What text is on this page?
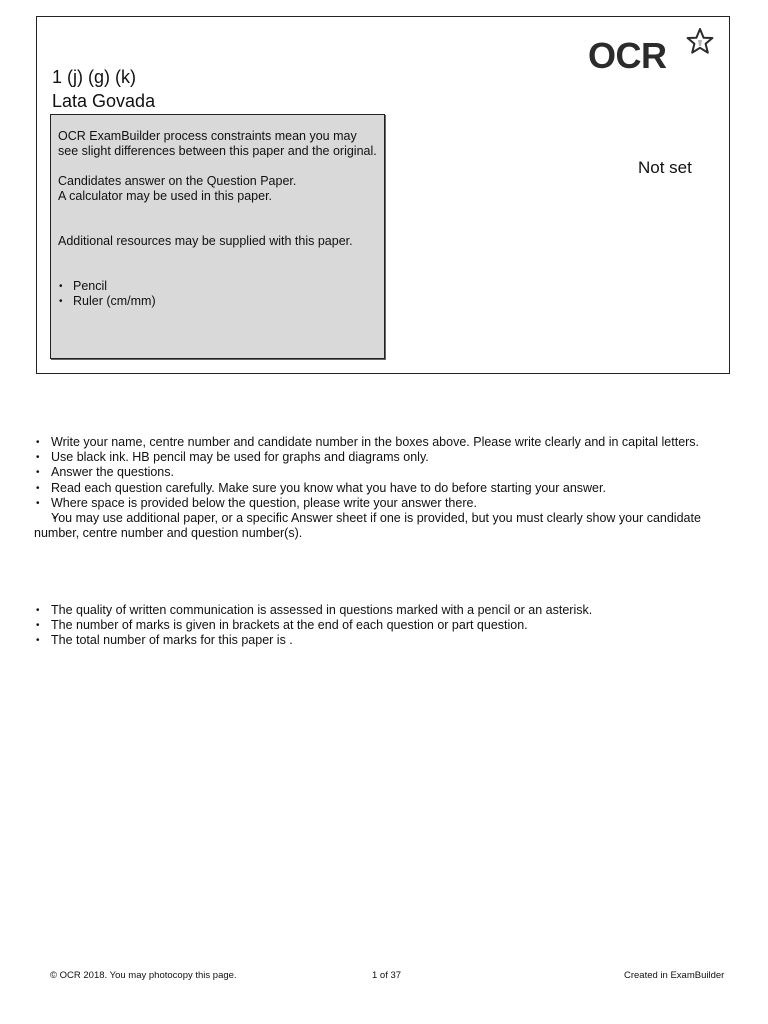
1 (j) (g) (k)
Lata Govada

OCR ExamBuilder process constraints mean you may see slight differences between this paper and the original.

Candidates answer on the Question Paper.

A calculator may be used in this paper.

Additional resources may be supplied with this paper.

• Pencil
• Ruler (cm/mm)
OCR
Not set
• Write your name, centre number and candidate number in the boxes above. Please write clearly and in capital letters.
• Use black ink. HB pencil may be used for graphs and diagrams only.
• Answer the questions.
• Read each question carefully. Make sure you know what you have to do before starting your answer.
• Where space is provided below the question, please write your answer there.
• You may use additional paper, or a specific Answer sheet if one is provided, but you must clearly show your candidate number, centre number and question number(s).
• The quality of written communication is assessed in questions marked with a pencil or an asterisk.
• The number of marks is given in brackets at the end of each question or part question.
• The total number of marks for this paper is .
© OCR 2018. You may photocopy this page.	1 of 37	Created in ExamBuilder
